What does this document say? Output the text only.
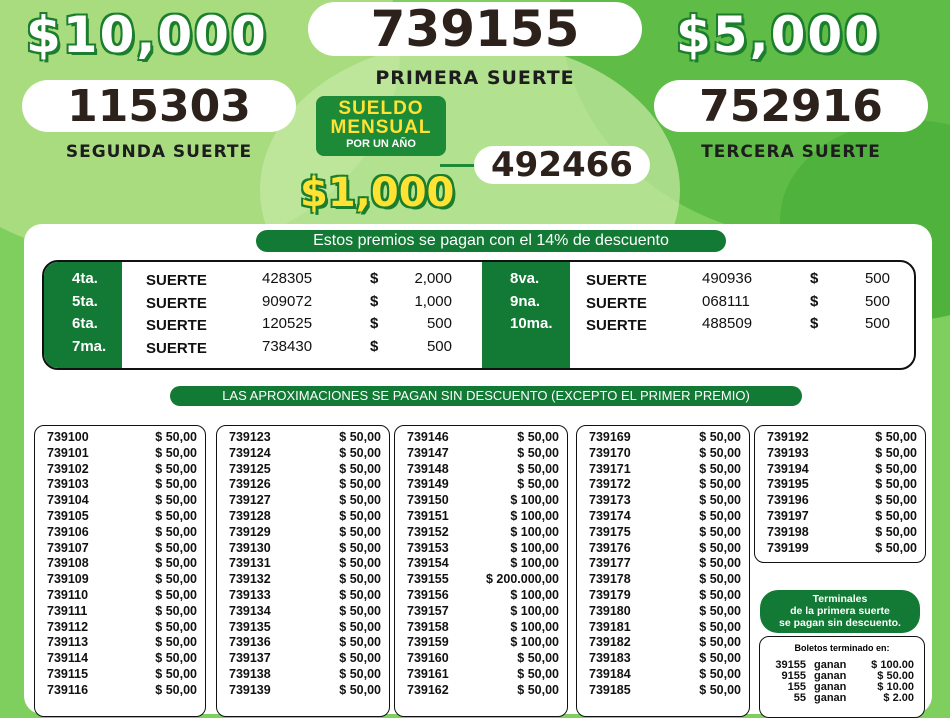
$10,000	$5,000
739155
PRIMERA SUERTE
115303
SEGUNDA SUERTE
752916
TERCERA SUERTE
SUELDO
MENSUAL
POR UN AÑO
$1,000
492466
Estos premios se pagan con el 14% de descuento
4ta.	SUERTE	428305	$	2,000
5ta.	SUERTE	909072	$	1,000
6ta.	SUERTE	120525	$	500
7ma.	SUERTE	738430	$	500
8va.	SUERTE	490936	$	500
9na.	SUERTE	068111	$	500
10ma. SUERTE	488509	$	500
LAS APROXIMACIONES SE PAGAN SIN DESCUENTO (EXCEPTO EL PRIMER PREMIO)
739100	$ 50,00
739101	$ 50,00
739102	$ 50,00
739103	$ 50,00
739104	$ 50,00
739105	$ 50,00
739106	$ 50,00
739107	$ 50,00
739108	$ 50,00
739109	$ 50,00
739110	$ 50,00
739111	$ 50,00
739112	$ 50,00
739113	$ 50,00
739114	$ 50,00
739115	$ 50,00
739116	$ 50,00
739123	$ 50,00
739124	$ 50,00
739125	$ 50,00
739126	$ 50,00
739127	$ 50,00
739128	$ 50,00
739129	$ 50,00
739130	$ 50,00
739131	$ 50,00
739132	$ 50,00
739133	$ 50,00
739134	$ 50,00
739135	$ 50,00
739136	$ 50,00
739137	$ 50,00
739138	$ 50,00
739139	$ 50,00
739146	$ 50,00
739147	$ 50,00
739148	$ 50,00
739149	$ 50,00
739150	$ 100,00
739151	$ 100,00
739152	$ 100,00
739153	$ 100,00
739154	$ 100,00
739155	$ 200.000,00
739156	$ 100,00
739157	$ 100,00
739158	$ 100,00
739159	$ 100,00
739160	$ 50,00
739161	$ 50,00
739162	$ 50,00
739169	$ 50,00
739170	$ 50,00
739171	$ 50,00
739172	$ 50,00
739173	$ 50,00
739174	$ 50,00
739175	$ 50,00
739176	$ 50,00
739177	$ 50,00
739178	$ 50,00
739179	$ 50,00
739180	$ 50,00
739181	$ 50,00
739182	$ 50,00
739183	$ 50,00
739184	$ 50,00
739185	$ 50,00
739192	$ 50,00
739193	$ 50,00
739194	$ 50,00
739195	$ 50,00
739196	$ 50,00
739197	$ 50,00
739198	$ 50,00
739199	$ 50,00
Terminales
de la primera suerte
se pagan sin descuento.
Boletos terminado en:
39155 ganan	$ 100.00
9155 ganan	$ 50.00
155 ganan	$ 10.00
55 ganan	$ 2.00
